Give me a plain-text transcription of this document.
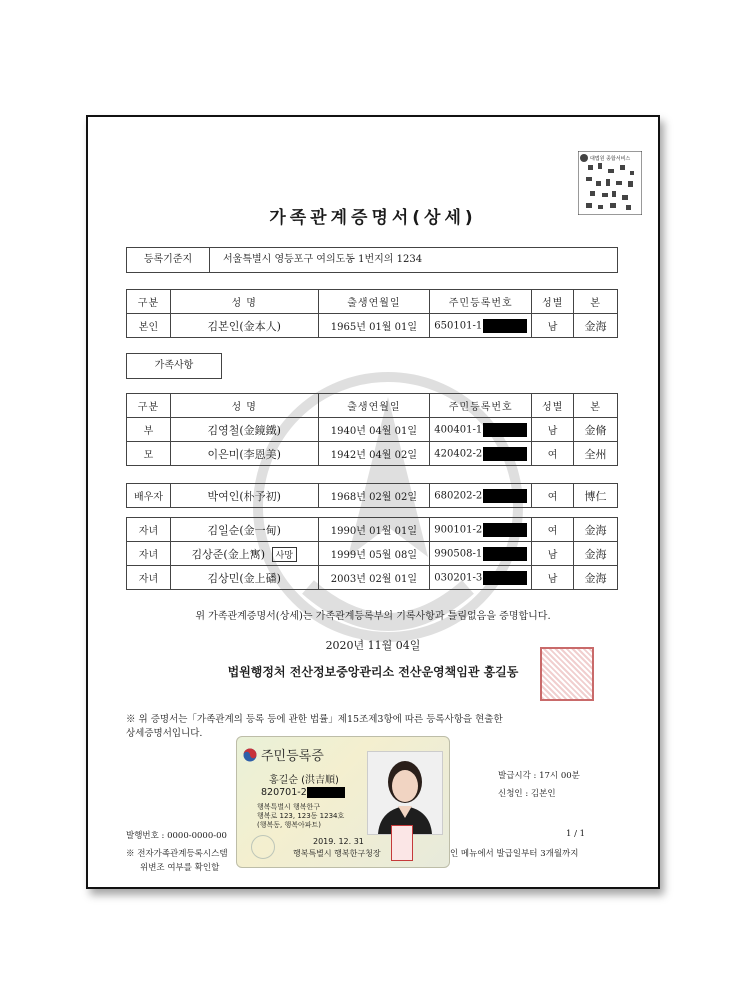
대법원 종합서비스
가족관계증명서(상세)
등록기준지	서울특별시 영등포구 여의도동 1번지의 1234
구분	성 명	출생연월일	주민등록번호	성별	본
본인	김본인(金本人)	1965년 01월 01일	650101-1	남	金海
가족사항
구분	성 명	출생연월일	주민등록번호	성별	본
부	김영철(金鏡鐵)	1940년 04월 01일	400401-1	남	金脩
모	이은미(李恩美)	1942년 04월 02일	420402-2	여	全州
배우자	박여인(朴予初)	1968년 02월 02일	680202-2	여	博仁
자녀	김일순(金一甸)	1990년 01월 01일	900101-2	여	金海
자녀	김상준(金上寯) 사망	1999년 05월 08일	990508-1	남	金海
자녀	김상민(金上磻)	2003년 02월 01일	030201-3	남	金海
위 가족관계증명서(상세)는 가족관계등록부의 기록사항과 틀림없음을 증명합니다.
2020년 11월 04일
법원행정처 전산정보중앙관리소 전산운영책임관 홍길동
※ 위 증명서는「가족관계의 등록 등에 관한 법률」제15조제3항에 따른 등록사항을 현출한
상세증명서입니다.
발급시각 : 17시 00분
신청인 : 김본인
발행번호 : 0000-0000-00	1 / 1
※ 전자가족관계등록시스템	인 메뉴에서 발급일부터 3개월까지
위변조 여부를 확인할
주민등록증
홍길순 (洪吉順)
820701-2
행복특별시 행복한구
행복로 123, 123동 1234호
(행복동, 행복아파트)
2019. 12. 31
행복특별시 행복한구청장
